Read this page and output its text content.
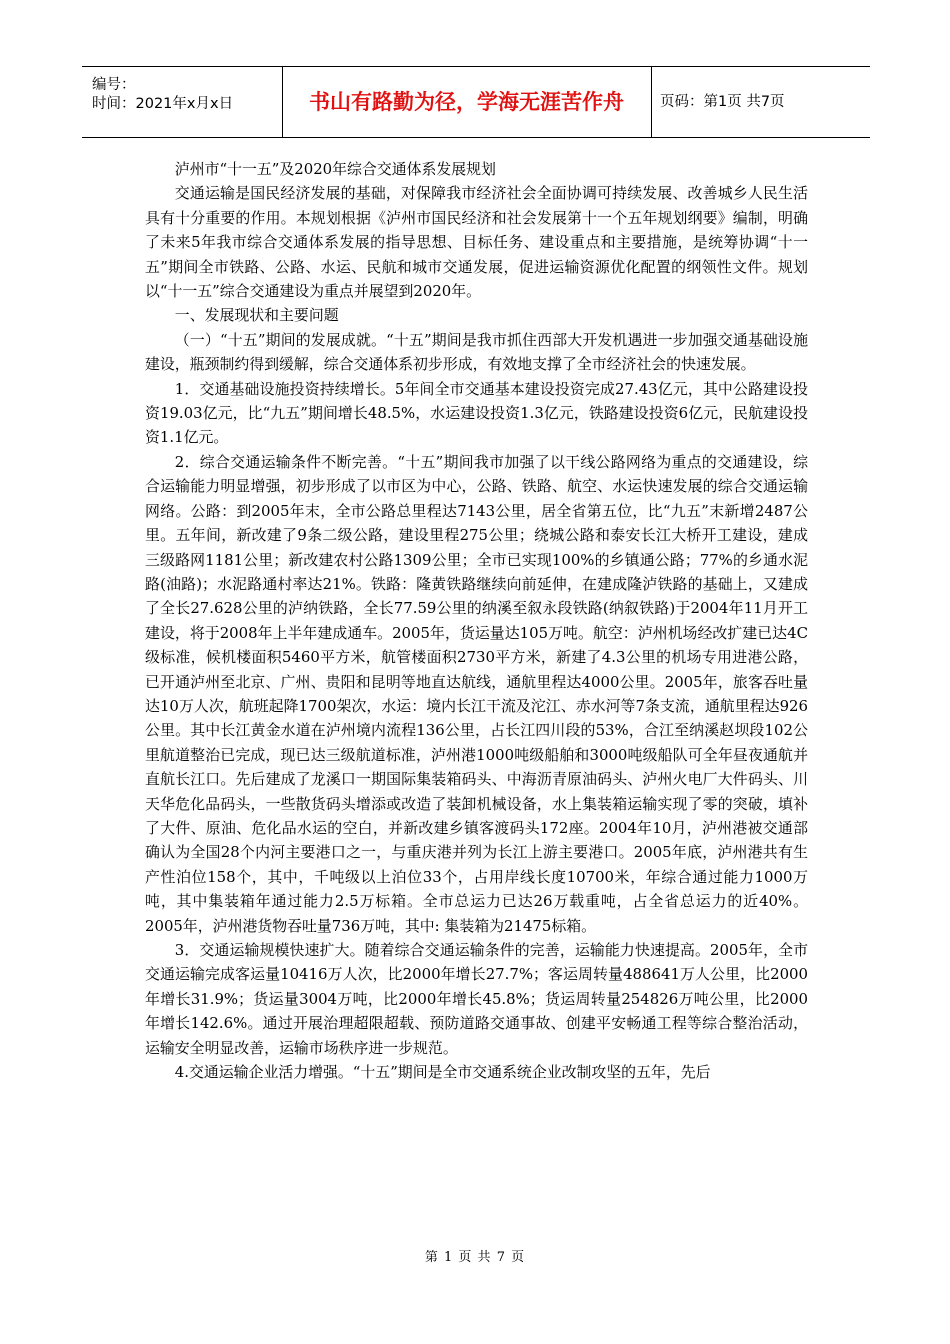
编号：
时间：2021年x月x日	书山有路勤为径，学海无涯苦作舟	页码：第1页 共7页

泸州市“十一五”及2020年综合交通体系发展规划

交通运输是国民经济发展的基础，对保障我市经济社会全面协调可持续发展、改善城乡人民生活具有十分重要的作用。本规划根据《泸州市国民经济和社会发展第十一个五年规划纲要》编制，明确了未来5年我市综合交通体系发展的指导思想、目标任务、建设重点和主要措施，是统筹协调“十一五”期间全市铁路、公路、水运、民航和城市交通发展，促进运输资源优化配置的纲领性文件。规划以“十一五”综合交通建设为重点并展望到2020年。

一、发展现状和主要问题

（一）“十五”期间的发展成就。“十五”期间是我市抓住西部大开发机遇进一步加强交通基础设施建设，瓶颈制约得到缓解，综合交通体系初步形成，有效地支撑了全市经济社会的快速发展。

1．交通基础设施投资持续增长。5年间全市交通基本建设投资完成27.43亿元，其中公路建设投资19.03亿元，比“九五”期间增长48.5%，水运建设投资1.3亿元，铁路建设投资6亿元，民航建设投资1.1亿元。

2．综合交通运输条件不断完善。“十五”期间我市加强了以干线公路网络为重点的交通建设，综合运输能力明显增强，初步形成了以市区为中心，公路、铁路、航空、水运快速发展的综合交通运输网络。公路：到2005年末，全市公路总里程达7143公里，居全省第五位，比“九五”末新增2487公里。五年间，新改建了9条二级公路，建设里程275公里；绕城公路和泰安长江大桥开工建设，建成三级路网1181公里；新改建农村公路1309公里；全市已实现100%的乡镇通公路；77%的乡通水泥路(油路)；水泥路通村率达21%。铁路：隆黄铁路继续向前延伸，在建成隆泸铁路的基础上，又建成了全长27.628公里的泸纳铁路，全长77.59公里的纳溪至叙永段铁路(纳叙铁路)于2004年11月开工建设，将于2008年上半年建成通车。2005年，货运量达105万吨。航空：泸州机场经改扩建已达4C级标准，候机楼面积5460平方米，航管楼面积2730平方米，新建了4.3公里的机场专用进港公路，已开通泸州至北京、广州、贵阳和昆明等地直达航线，通航里程达4000公里。2005年，旅客吞吐量达10万人次，航班起降1700架次，水运：境内长江干流及沱江、赤水河等7条支流，通航里程达926公里。其中长江黄金水道在泸州境内流程136公里，占长江四川段的53%，合江至纳溪赵坝段102公里航道整治已完成，现已达三级航道标准，泸州港1000吨级船舶和3000吨级船队可全年昼夜通航并直航长江口。先后建成了龙溪口一期国际集装箱码头、中海沥青原油码头、泸州火电厂大件码头、川天华危化品码头，一些散货码头增添或改造了装卸机械设备，水上集装箱运输实现了零的突破，填补了大件、原油、危化品水运的空白，并新改建乡镇客渡码头172座。2004年10月，泸州港被交通部确认为全国28个内河主要港口之一，与重庆港并列为长江上游主要港口。2005年底，泸州港共有生产性泊位158个，其中，千吨级以上泊位33个，占用岸线长度10700米，年综合通过能力1000万吨，其中集装箱年通过能力2.5万标箱。全市总运力已达26万载重吨，占全省总运力的近40%。2005年，泸州港货物吞吐量736万吨，其中: 集装箱为21475标箱。

3．交通运输规模快速扩大。随着综合交通运输条件的完善，运输能力快速提高。2005年，全市交通运输完成客运量10416万人次，比2000年增长27.7%；客运周转量488641万人公里，比2000年增长31.9%；货运量3004万吨，比2000年增长45.8%；货运周转量254826万吨公里，比2000年增长142.6%。通过开展治理超限超载、预防道路交通事故、创建平安畅通工程等综合整治活动，运输安全明显改善，运输市场秩序进一步规范。

4.交通运输企业活力增强。“十五”期间是全市交通系统企业改制攻坚的五年，先后

第 1 页 共 7 页
